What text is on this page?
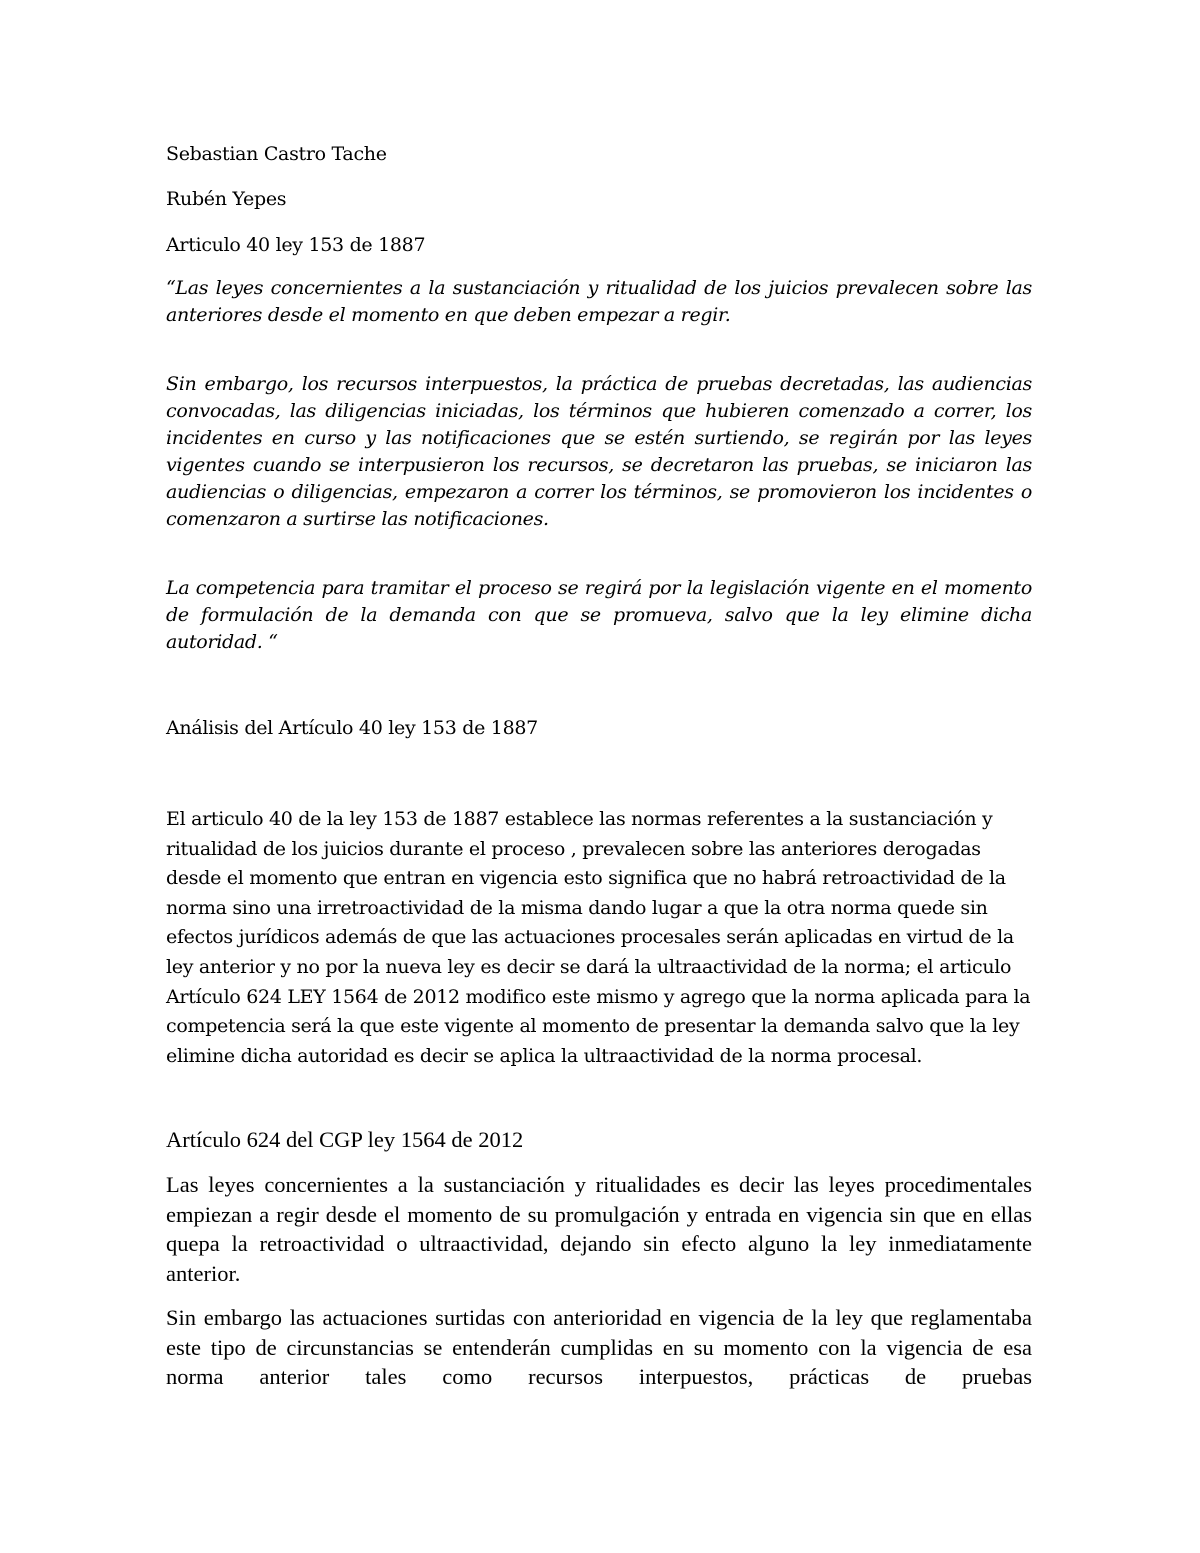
Sebastian Castro Tache

Rubén Yepes

Articulo 40 ley 153 de 1887

“Las leyes concernientes a la sustanciación y ritualidad de los juicios prevalecen sobre las anteriores desde el momento en que deben empezar a regir.

Sin embargo, los recursos interpuestos, la práctica de pruebas decretadas, las audiencias convocadas, las diligencias iniciadas, los términos que hubieren comenzado a correr, los incidentes en curso y las notificaciones que se estén surtiendo, se regirán por las leyes vigentes cuando se interpusieron los recursos, se decretaron las pruebas, se iniciaron las audiencias o diligencias, empezaron a correr los términos, se promovieron los incidentes o comenzaron a surtirse las notificaciones.

La competencia para tramitar el proceso se regirá por la legislación vigente en el momento de formulación de la demanda con que se promueva, salvo que la ley elimine dicha autoridad. “

Análisis del Artículo 40 ley 153 de 1887

El articulo 40 de la ley 153 de 1887 establece las normas referentes a la sustanciación y ritualidad de los juicios durante el proceso , prevalecen sobre las anteriores derogadas desde el momento que entran en vigencia esto significa que no habrá retroactividad de la norma sino una irretroactividad de la misma dando lugar a que la otra norma quede sin efectos jurídicos además de que las actuaciones procesales serán aplicadas en virtud de la ley anterior y no por la nueva ley es decir se dará la ultraactividad de la norma; el articulo Artículo 624 LEY 1564 de 2012 modifico este mismo y agrego que la norma aplicada para la competencia será la que este vigente al momento de presentar la demanda salvo que la ley elimine dicha autoridad es decir se aplica la ultraactividad de la norma procesal.

Artículo 624 del CGP ley 1564 de 2012

Las leyes concernientes a la sustanciación y ritualidades es decir las leyes procedimentales empiezan a regir desde el momento de su promulgación y entrada en vigencia sin que en ellas quepa la retroactividad o ultraactividad, dejando sin efecto alguno la ley inmediatamente anterior.

Sin embargo las actuaciones surtidas con anterioridad en vigencia de la ley que reglamentaba este tipo de circunstancias se entenderán cumplidas en su momento con la vigencia de esa norma anterior tales como recursos interpuestos, prácticas de pruebas
